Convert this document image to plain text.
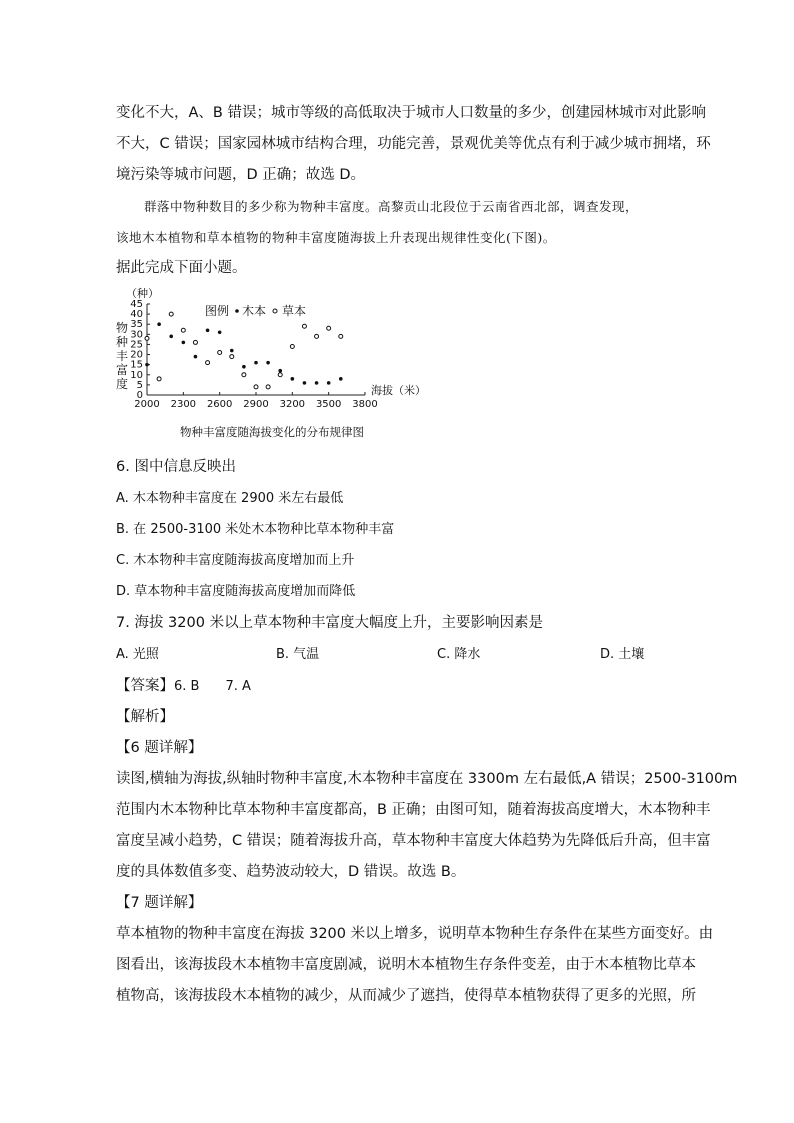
变化不大，A、B 错误；城市等级的高低取决于城市人口数量的多少，创建园林城市对此影响
不大，C 错误；国家园林城市结构合理，功能完善，景观优美等优点有利于减少城市拥堵，环
境污染等城市问题，D 正确；故选 D。
群落中物种数目的多少称为物种丰富度。高黎贡山北段位于云南省西北部，调查发现，
该地木本植物和草本植物的物种丰富度随海拔上升表现出规律性变化(下图)。
据此完成下面小题。
0
5
10
15
20
25
30
35
40
45
2000 2300 2600 2900 3200 3500 3800
（种）
物
种
丰
富
度	海拔（米）
图例 木本 草本
物种丰富度随海拔变化的分布规律图
6. 图中信息反映出
A. 木本物种丰富度在 2900 米左右最低
B. 在 2500-3100 米处木本物种比草本物种丰富
C. 木本物种丰富度随海拔高度增加而上升
D. 草本物种丰富度随海拔高度增加而降低
7. 海拔 3200 米以上草本物种丰富度大幅度上升，主要影响因素是
A. 光照	B. 气温	C. 降水	D. 土壤
【答案】6. B　　7. A
【解析】
【6 题详解】
读图,横轴为海拔,纵轴时物种丰富度,木本物种丰富度在 3300m 左右最低,A 错误；2500-3100m
范围内木本物种比草本物种丰富度都高，B 正确；由图可知，随着海拔高度增大，木本物种丰
富度呈减小趋势，C 错误；随着海拔升高，草本物种丰富度大体趋势为先降低后升高，但丰富
度的具体数值多变、趋势波动较大，D 错误。故选 B。
【7 题详解】
草本植物的物种丰富度在海拔 3200 米以上增多，说明草本物种生存条件在某些方面变好。由
图看出，该海拔段木本植物丰富度剧减，说明木本植物生存条件变差，由于木本植物比草本
植物高，该海拔段木本植物的减少，从而减少了遮挡，使得草本植物获得了更多的光照，所
